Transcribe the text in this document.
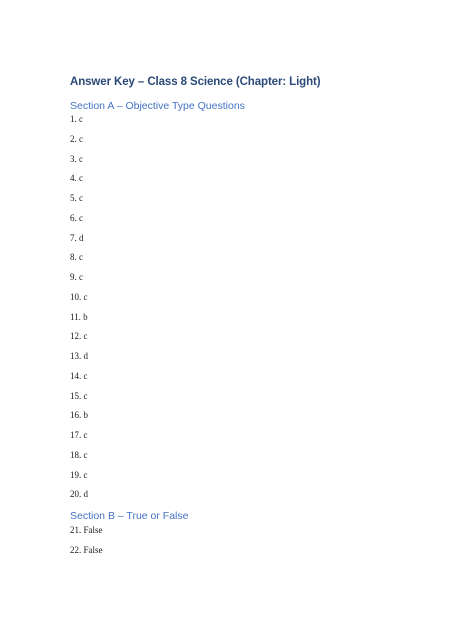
Answer Key – Class 8 Science (Chapter: Light)
Section A – Objective Type Questions
1. c
2. c
3. c
4. c
5. c
6. c
7. d
8. c
9. c
10. c
11. b
12. c
13. d
14. c
15. c
16. b
17. c
18. c
19. c
20. d
Section B – True or False
21. False
22. False
